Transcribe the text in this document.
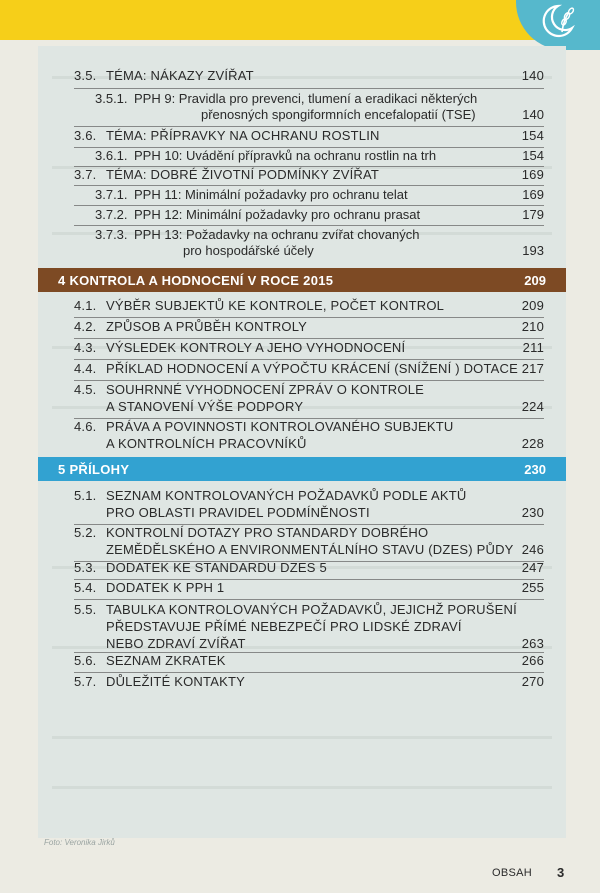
3.5. TÉMA: NÁKAZY ZVÍŘAT	140
3.5.1. PPH 9: Pravidla pro prevenci, tlumení a eradikaci některých
přenosných spongiformních encefalopatií (TSE)	140
3.6. TÉMA: PŘÍPRAVKY NA OCHRANU ROSTLIN	154
3.6.1. PPH 10: Uvádění přípravků na ochranu rostlin na trh	154
3.7. TÉMA: DOBRÉ ŽIVOTNÍ PODMÍNKY ZVÍŘAT	169
3.7.1. PPH 11: Minimální požadavky pro ochranu telat	169
3.7.2. PPH 12: Minimální požadavky pro ochranu prasat	179
3.7.3. PPH 13: Požadavky na ochranu zvířat chovaných
pro hospodářské účely	193
4 KONTROLA A HODNOCENÍ V ROCE 2015	209
4.1. VÝBĚR SUBJEKTŮ KE KONTROLE, POČET KONTROL	209
4.2. ZPŮSOB A PRŮBĚH KONTROLY	210
4.3. VÝSLEDEK KONTROLY A JEHO VYHODNOCENÍ	211
4.4. PŘÍKLAD HODNOCENÍ A VÝPOČTU KRÁCENÍ (SNÍŽENÍ ) DOTACE 217
4.5. SOUHRNNÉ VYHODNOCENÍ ZPRÁV O KONTROLE
A STANOVENÍ VÝŠE PODPORY	224
4.6. PRÁVA A POVINNOSTI KONTROLOVANÉHO SUBJEKTU
A KONTROLNÍCH PRACOVNÍKŮ	228
5 PŘÍLOHY	230
5.1. SEZNAM KONTROLOVANÝCH POŽADAVKŮ PODLE AKTŮ
PRO OBLASTI PRAVIDEL PODMÍNĚNOSTI	230
5.2. KONTROLNÍ DOTAZY PRO STANDARDY DOBRÉHO
ZEMĚDĚLSKÉHO A ENVIRONMENTÁLNÍHO STAVU (DZES) PŮDY 246
5.3. DODATEK KE STANDARDU DZES 5	247
5.4. DODATEK K PPH 1	255
5.5. TABULKA KONTROLOVANÝCH POŽADAVKŮ, JEJICHŽ PORUŠENÍ
PŘEDSTAVUJE PŘÍMÉ NEBEZPEČÍ PRO LIDSKÉ ZDRAVÍ
NEBO ZDRAVÍ ZVÍŘAT	263
5.6. SEZNAM ZKRATEK	266
5.7. DŮLEŽITÉ KONTAKTY	270
Foto: Veronika Jirků
OBSAH 3
